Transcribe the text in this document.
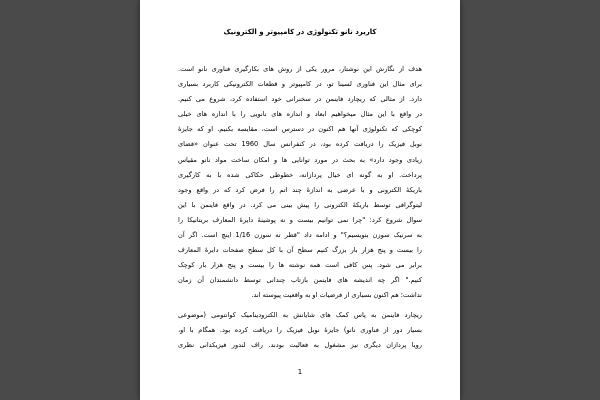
کاربرد نانو تکنولوژی در کامپیوتر و الکترونیک

هدف از نگارش این نوشتار، مرور یکی از روش های بکارگیری فناوری نانو است.
برای مثال این فناوری لسینا تو، در کامپیوتر و قطعات الکترونیکی کاربرد بسیاری
دارد. از مثالی که ریچارد فاینمن در سخنرانی خود استفاده کرد، شروع می کنیم.
در واقع با این مثال میخواهیم ابعاد و اندازه های نانویی را با اندازه های خیلی
کوچکی که تکنولوژی آنها هم اکنون در دسترس است، مقایسه بکنیم. او که جایزۀ
نوبل فیزیک را دریافت کرده بود، در کنفرانس سال 1960 تحت عنوان «فضای
زیادی وجود دارد» به بحث در مورد توانایی ها و امکان ساخت مواد نانو مقیاس
پرداخت. او به گونه ای خیال پردازانه، خطوطی حکاکی شده با به کارگیری
باریکۀ الکترونی و با عرضی به اندازۀ چند اتم را فرض کرد که در واقع وجود
لیتوگرافی توسط باریکۀ الکترونی را پیش بینی می کرد. در واقع فاینمن با این
سوال شروع کرد: "چرا نمی توانیم بیست و نه پوشینۀ دایرۀ المعارف بریتانیکا را
به سرنیک سوزن بنویسیم؟" و ادامه داد "قطر ته سوزن 1/16 اینچ است. اگر آن
را بیست و پنج هزار بار بزرگ کنیم سطح آن با کل سطح صفحات دایرۀ المعارف
برابر می شود. پس کافی است همه نوشته ها را بیست و پنج هزار بار کوچک
کنیم." اگر چه اندیشه های فاینمن بازتاب چندانی توسط دانشمندان آن زمان
نداشت؛ هم اکنون بسیاری از فرضیات او به واقعیت پیوسته اند.

ریچارد فاینمن به پاس کمک های شایانش به الکترودینامیک کوانتومی (موضوعی
بسیار دور از فناوری نانو) جایزۀ نوبل فیزیک را دریافت کرده بود. همگام با او،
رویا پردازان دیگری نیز مشغول به فعالیت بودند. راف لندور فیزیکدانی نظری

1
